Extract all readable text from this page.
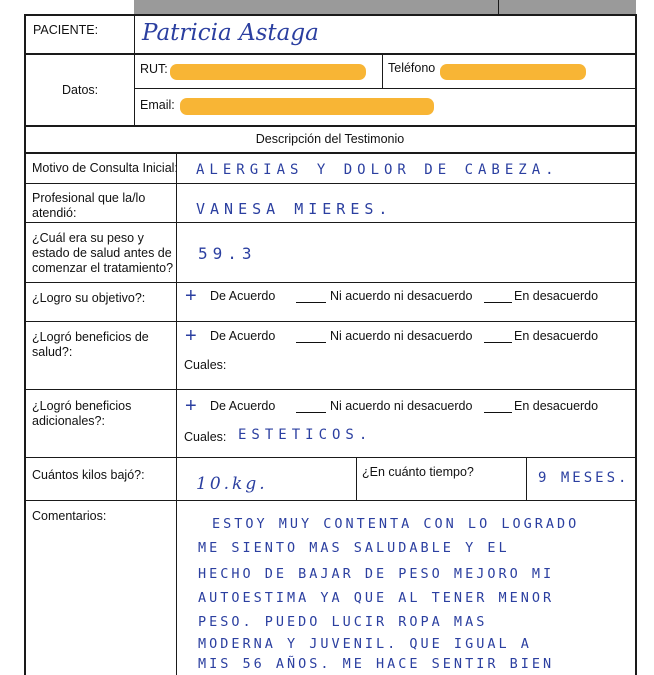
PACIENTE: Patricia Astaga
Datos:
RUT:	Teléfono
Email:
Descripción del Testimonio
Motivo de Consulta Inicial: ALERGIAS Y DOLOR DE CABEZA.
Profesional que la/lo
atendió:	VANESA MIERES.
¿Cuál era su peso y
estado de salud antes de
comenzar el tratamiento?
59.3
¿Logro su objetivo?: + De Acuerdo	Ni acuerdo ni desacuerdo	En desacuerdo
¿Logró beneficios de
salud?:
+ De Acuerdo	Ni acuerdo ni desacuerdo	En desacuerdo
Cuales:
¿Logró beneficios
adicionales?:
+ De Acuerdo	Ni acuerdo ni desacuerdo	En desacuerdo
Cuales: ESTETICOS.
Cuántos kilos bajó?:	10.kg.
¿En cuánto tiempo?	9 MESES.
Comentarios:	ESTOY MUY CONTENTA CON LO LOGRADO
ME SIENTO MAS SALUDABLE Y EL
HECHO DE BAJAR DE PESO MEJORO MI
AUTOESTIMA YA QUE AL TENER MENOR
PESO. PUEDO LUCIR ROPA MAS
MODERNA Y JUVENIL. QUE IGUAL A
MIS 56 AÑOS. ME HACE SENTIR BIEN
